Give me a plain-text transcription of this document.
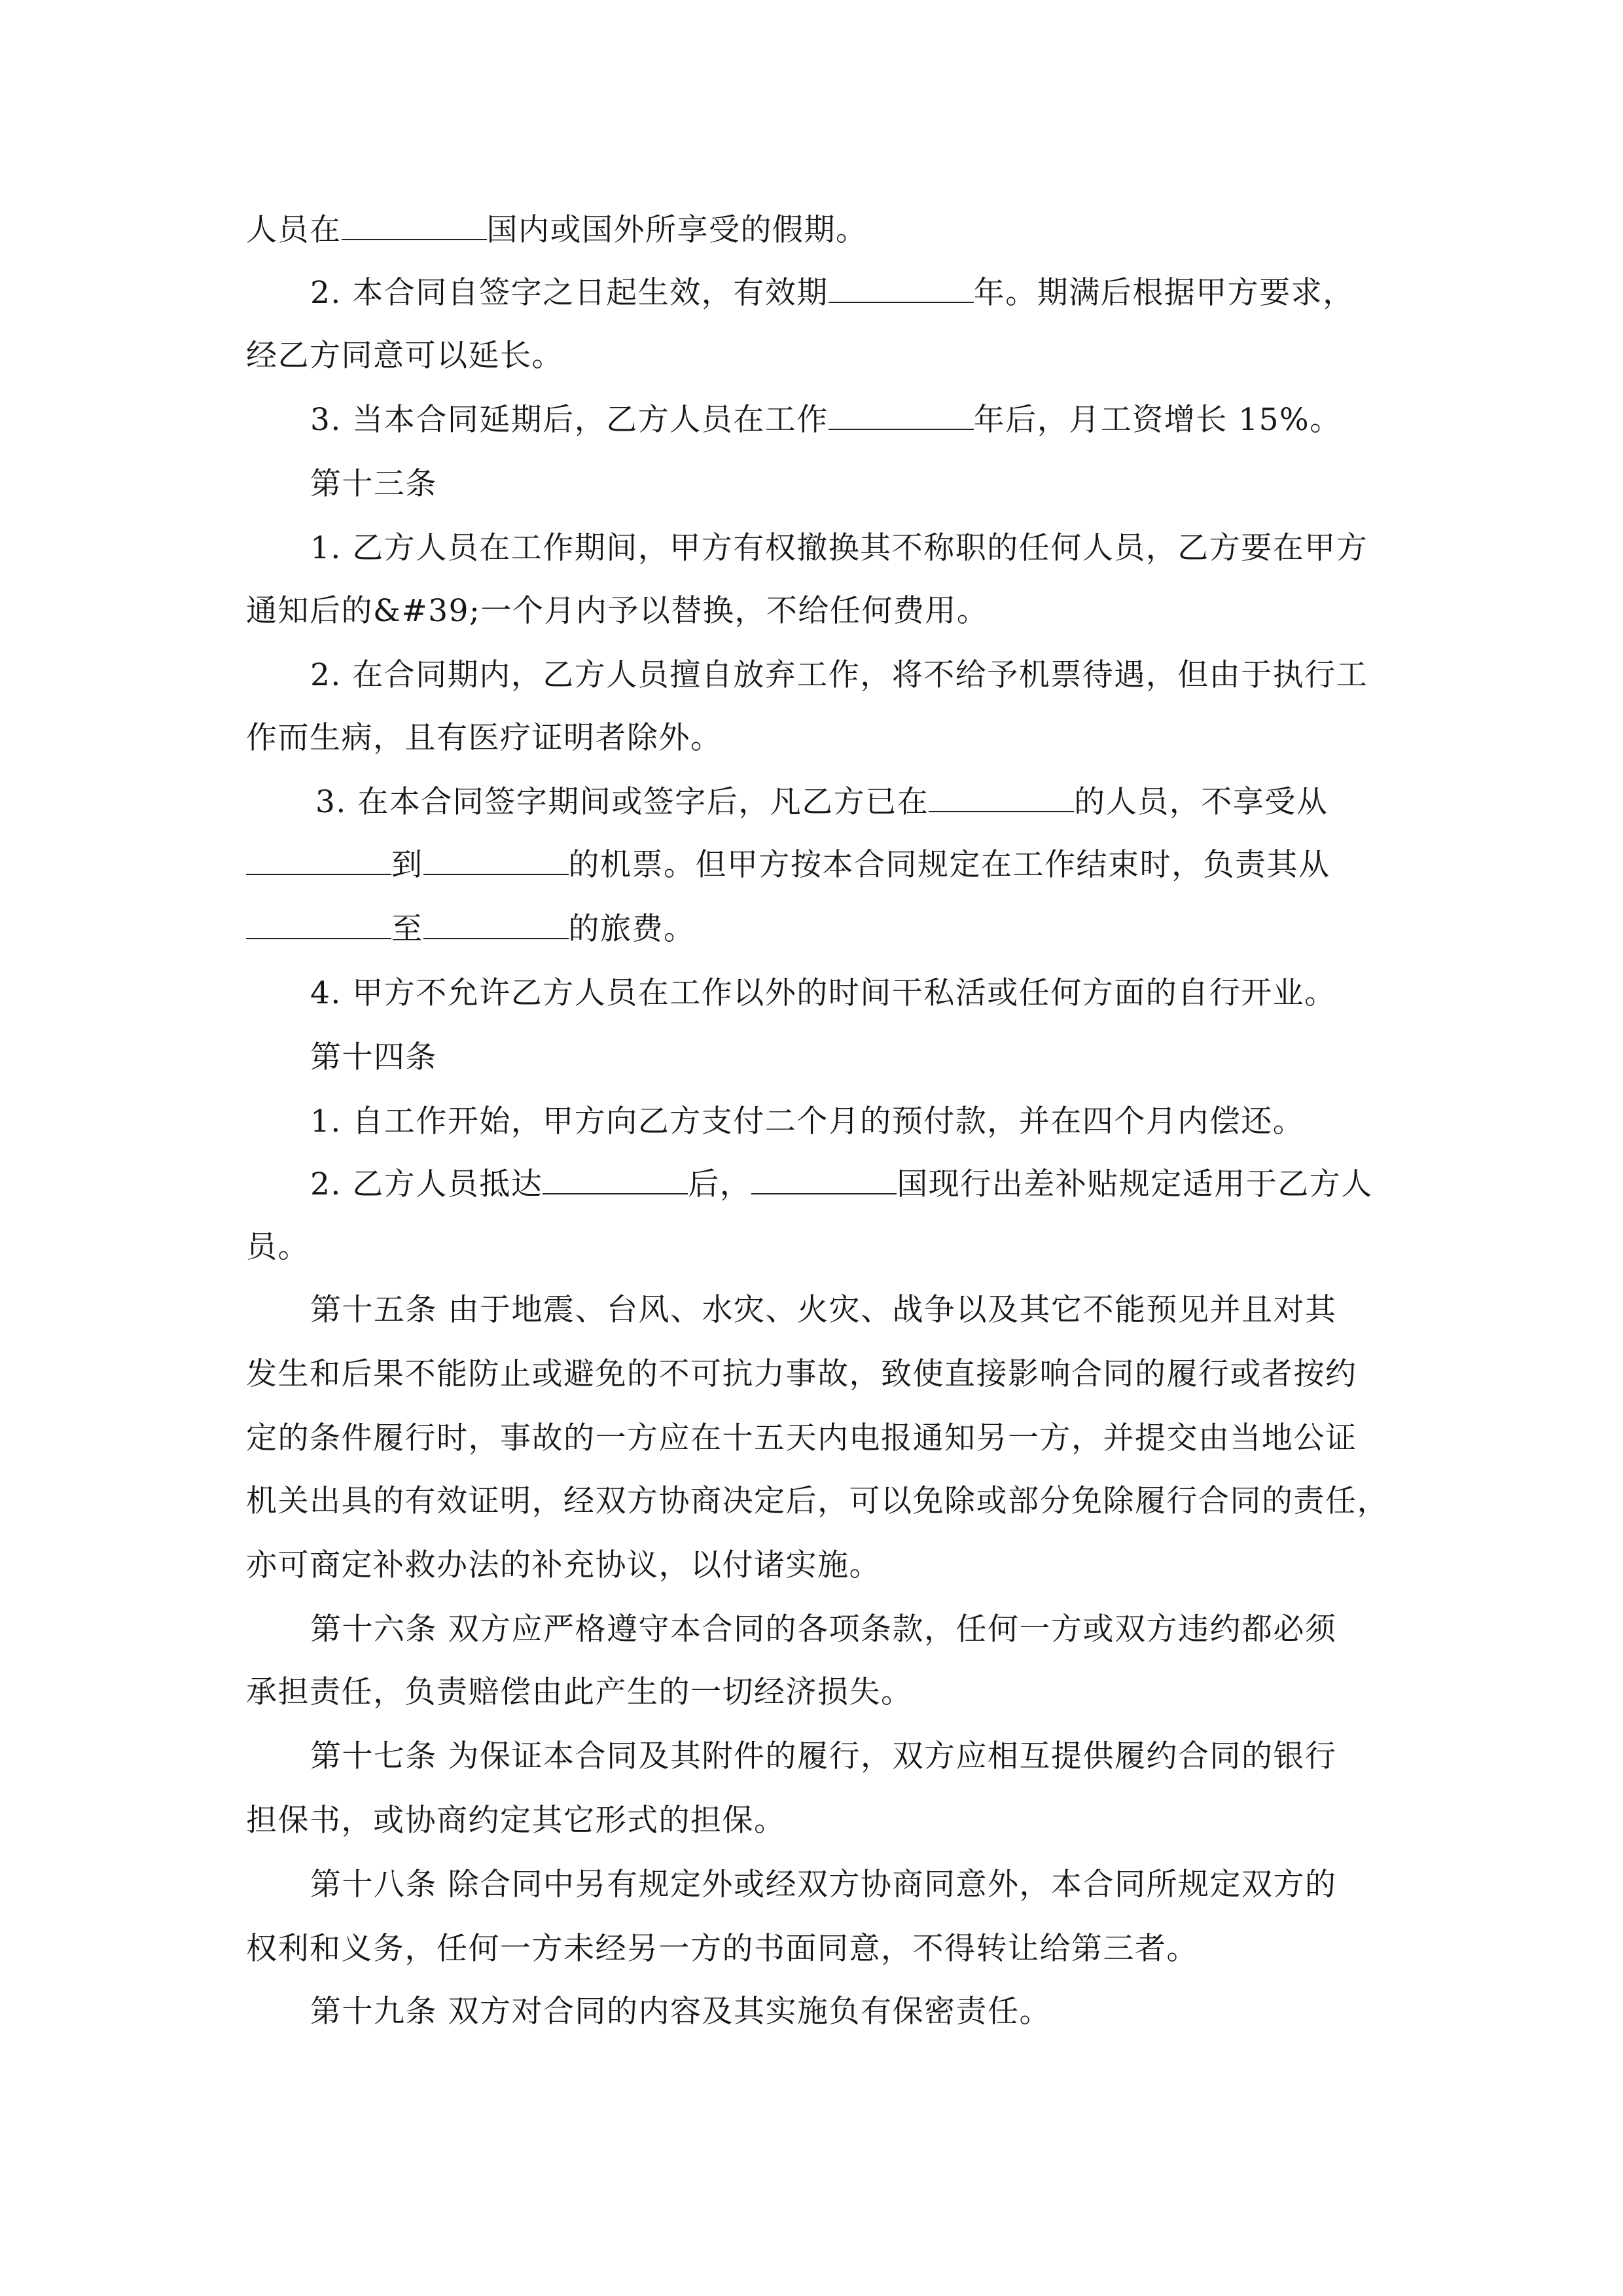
人员在	国内或国外所享受的假期。
2. 本合同自签字之日起生效，有效期	年。期满后根据甲方要求，
经乙方同意可以延长。
3. 当本合同延期后，乙方人员在工作	年后，月工资增长 15%。
第十三条
1. 乙方人员在工作期间，甲方有权撤换其不称职的任何人员，乙方要在甲方
通知后的&#39;一个月内予以替换，不给任何费用。
2. 在合同期内，乙方人员擅自放弃工作，将不给予机票待遇，但由于执行工
作而生病，且有医疗证明者除外。
3. 在本合同签字期间或签字后，凡乙方已在	的人员，不享受从
到	的机票。但甲方按本合同规定在工作结束时，负责其从
至	的旅费。
4. 甲方不允许乙方人员在工作以外的时间干私活或任何方面的自行开业。
第十四条
1. 自工作开始，甲方向乙方支付二个月的预付款，并在四个月内偿还。
2. 乙方人员抵达	后，	国现行出差补贴规定适用于乙方人
员。
第十五条 由于地震、台风、水灾、火灾、战争以及其它不能预见并且对其
发生和后果不能防止或避免的不可抗力事故，致使直接影响合同的履行或者按约
定的条件履行时，事故的一方应在十五天内电报通知另一方，并提交由当地公证
机关出具的有效证明，经双方协商决定后，可以免除或部分免除履行合同的责任，
亦可商定补救办法的补充协议，以付诸实施。
第十六条 双方应严格遵守本合同的各项条款，任何一方或双方违约都必须
承担责任，负责赔偿由此产生的一切经济损失。
第十七条 为保证本合同及其附件的履行，双方应相互提供履约合同的银行
担保书，或协商约定其它形式的担保。
第十八条 除合同中另有规定外或经双方协商同意外，本合同所规定双方的
权利和义务，任何一方未经另一方的书面同意，不得转让给第三者。
第十九条 双方对合同的内容及其实施负有保密责任。
